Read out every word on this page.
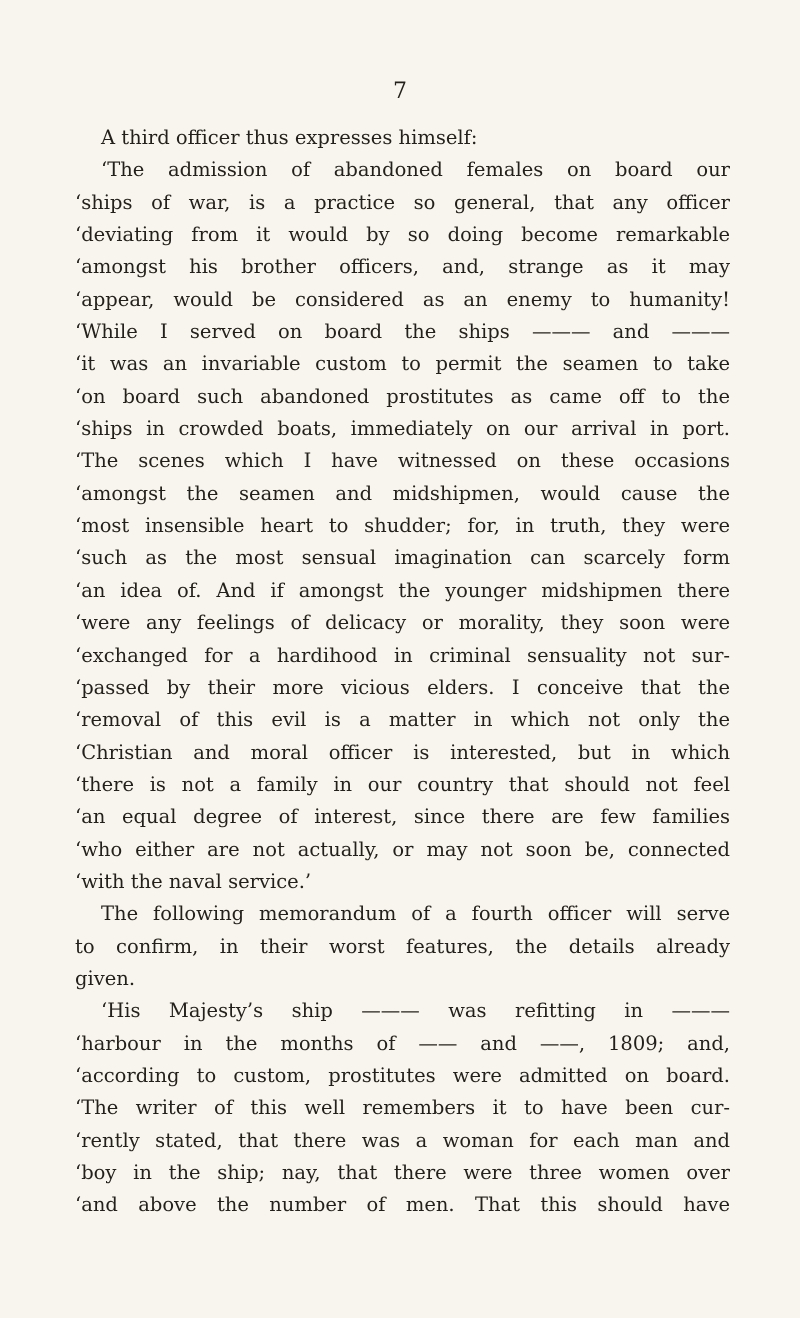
7
A third officer thus expresses himself:
‘The admission of abandoned females on board our
‘ships of war, is a practice so general, that any officer
‘deviating from it would by so doing become remarkable
‘amongst his brother officers, and, strange as it may
‘appear, would be considered as an enemy to humanity!
‘While I served on board the ships ——— and ———
‘it was an invariable custom to permit the seamen to take
‘on board such abandoned prostitutes as came off to the
‘ships in crowded boats, immediately on our arrival in port.
‘The scenes which I have witnessed on these occasions
‘amongst the seamen and midshipmen, would cause the
‘most insensible heart to shudder; for, in truth, they were
‘such as the most sensual imagination can scarcely form
‘an idea of. And if amongst the younger midshipmen there
‘were any feelings of delicacy or morality, they soon were
‘exchanged for a hardihood in criminal sensuality not sur-
‘passed by their more vicious elders. I conceive that the
‘removal of this evil is a matter in which not only the
‘Christian and moral officer is interested, but in which
‘there is not a family in our country that should not feel
‘an equal degree of interest, since there are few families
‘who either are not actually, or may not soon be, connected
‘with the naval service.’
The following memorandum of a fourth officer will serve
to confirm, in their worst features, the details already
given.
‘His Majesty’s ship ——— was refitting in ———
‘harbour in the months of —— and ——, 1809; and,
‘according to custom, prostitutes were admitted on board.
‘The writer of this well remembers it to have been cur-
‘rently stated, that there was a woman for each man and
‘boy in the ship; nay, that there were three women over
‘and above the number of men. That this should have
